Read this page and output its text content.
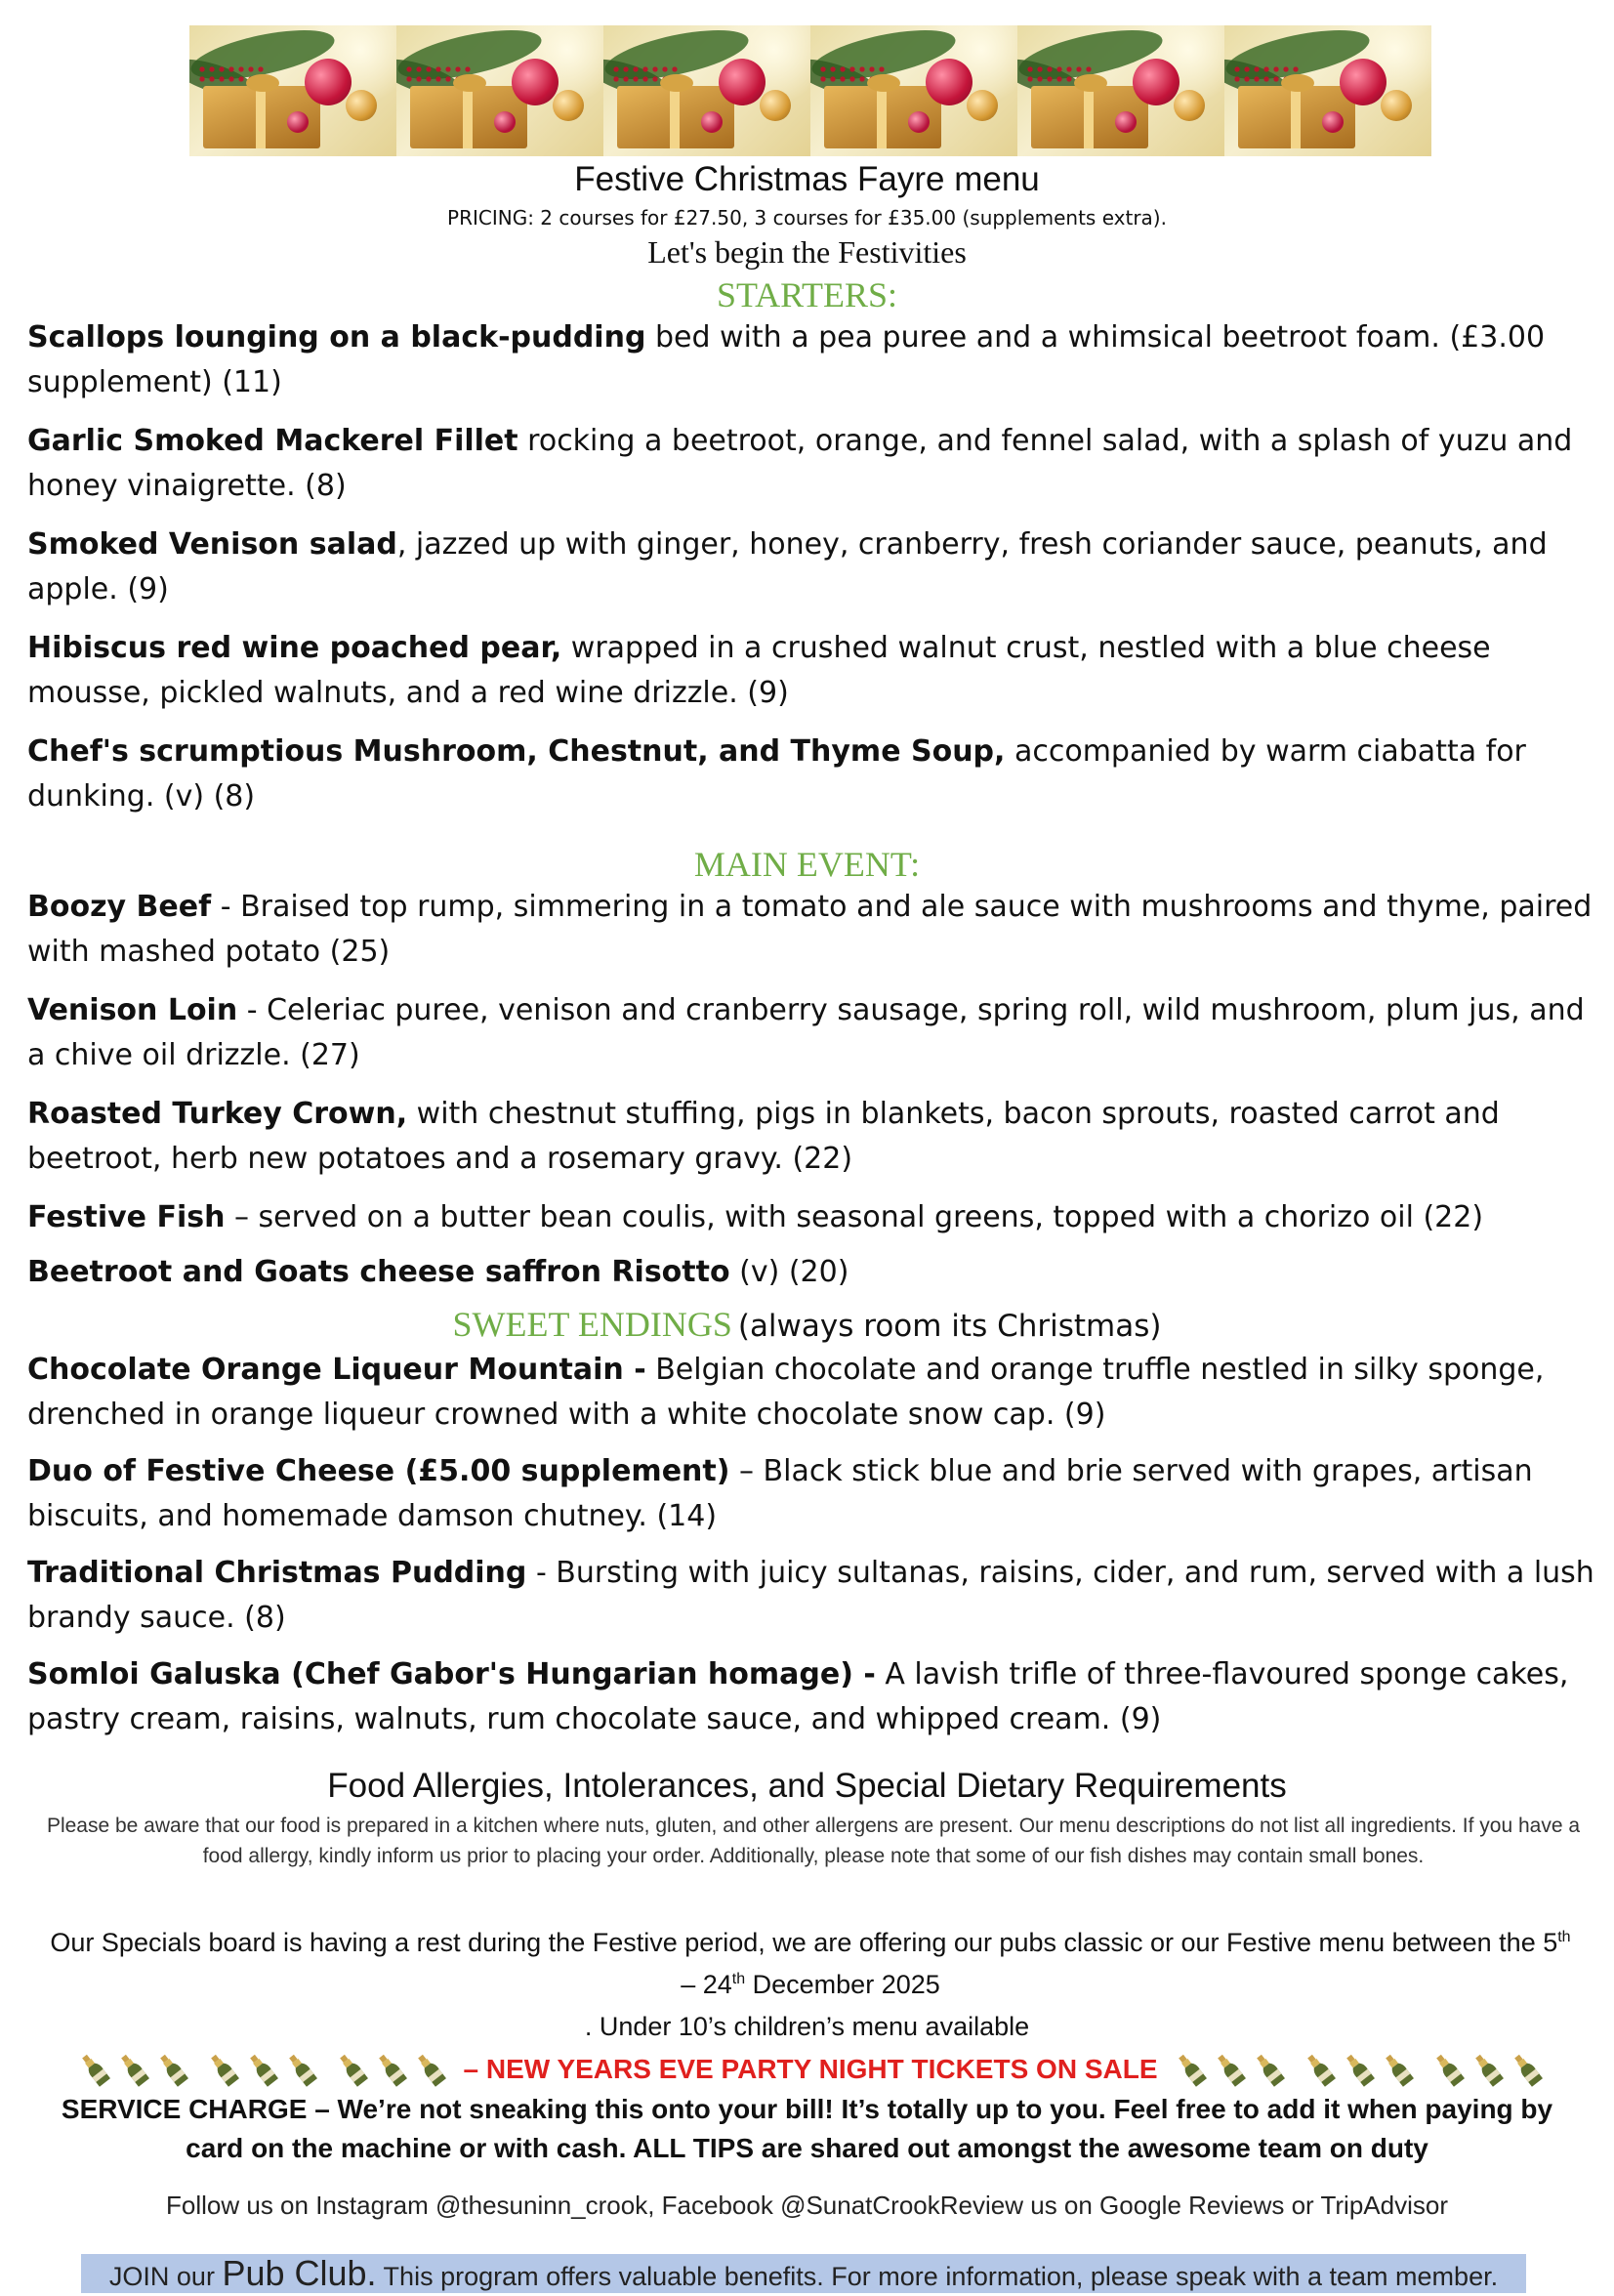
Festive Christmas Fayre menu
PRICING: 2 courses for £27.50, 3 courses for £35.00 (supplements extra).
Let's begin the Festivities
STARTERS:
Scallops lounging on a black-pudding bed with a pea puree and a whimsical beetroot foam. (£3.00 supplement) (11)
Garlic Smoked Mackerel Fillet rocking a beetroot, orange, and fennel salad, with a splash of yuzu and honey vinaigrette. (8)
Smoked Venison salad, jazzed up with ginger, honey, cranberry, fresh coriander sauce, peanuts, and apple. (9)
Hibiscus red wine poached pear, wrapped in a crushed walnut crust, nestled with a blue cheese mousse, pickled walnuts, and a red wine drizzle. (9)
Chef's scrumptious Mushroom, Chestnut, and Thyme Soup, accompanied by warm ciabatta for dunking. (v) (8)
MAIN EVENT:
Boozy Beef - Braised top rump, simmering in a tomato and ale sauce with mushrooms and thyme, paired with mashed potato (25)
Venison Loin - Celeriac puree, venison and cranberry sausage, spring roll, wild mushroom, plum jus, and a chive oil drizzle. (27)
Roasted Turkey Crown, with chestnut stuffing, pigs in blankets, bacon sprouts, roasted carrot and beetroot, herb new potatoes and a rosemary gravy. (22)
Festive Fish – served on a butter bean coulis, with seasonal greens, topped with a chorizo oil (22)
Beetroot and Goats cheese saffron Risotto (v) (20)
SWEET ENDINGS (always room its Christmas)
Chocolate Orange Liqueur Mountain - Belgian chocolate and orange truffle nestled in silky sponge, drenched in orange liqueur crowned with a white chocolate snow cap. (9)
Duo of Festive Cheese (£5.00 supplement) – Black stick blue and brie served with grapes, artisan biscuits, and homemade damson chutney. (14)
Traditional Christmas Pudding - Bursting with juicy sultanas, raisins, cider, and rum, served with a lush brandy sauce. (8)
Somloi Galuska (Chef Gabor's Hungarian homage) - A lavish trifle of three-flavoured sponge cakes, pastry cream, raisins, walnuts, rum chocolate sauce, and whipped cream. (9)
Food Allergies, Intolerances, and Special Dietary Requirements
Please be aware that our food is prepared in a kitchen where nuts, gluten, and other allergens are present. Our menu descriptions do not list all ingredients. If you have a food allergy, kindly inform us prior to placing your order. Additionally, please note that some of our fish dishes may contain small bones.
Our Specials board is having a rest during the Festive period, we are offering our pubs classic or our Festive menu between the 5th
– 24th December 2025
. Under 10’s children’s menu available
– NEW YEARS EVE PARTY NIGHT TICKETS ON SALE
SERVICE CHARGE – We’re not sneaking this onto your bill! It’s totally up to you. Feel free to add it when paying by card on the machine or with cash. ALL TIPS are shared out amongst the awesome team on duty
Follow us on Instagram @thesuninn_crook, Facebook @SunatCrookReview us on Google Reviews or TripAdvisor
JOIN our Pub Club. This program offers valuable benefits. For more information, please speak with a team member.
